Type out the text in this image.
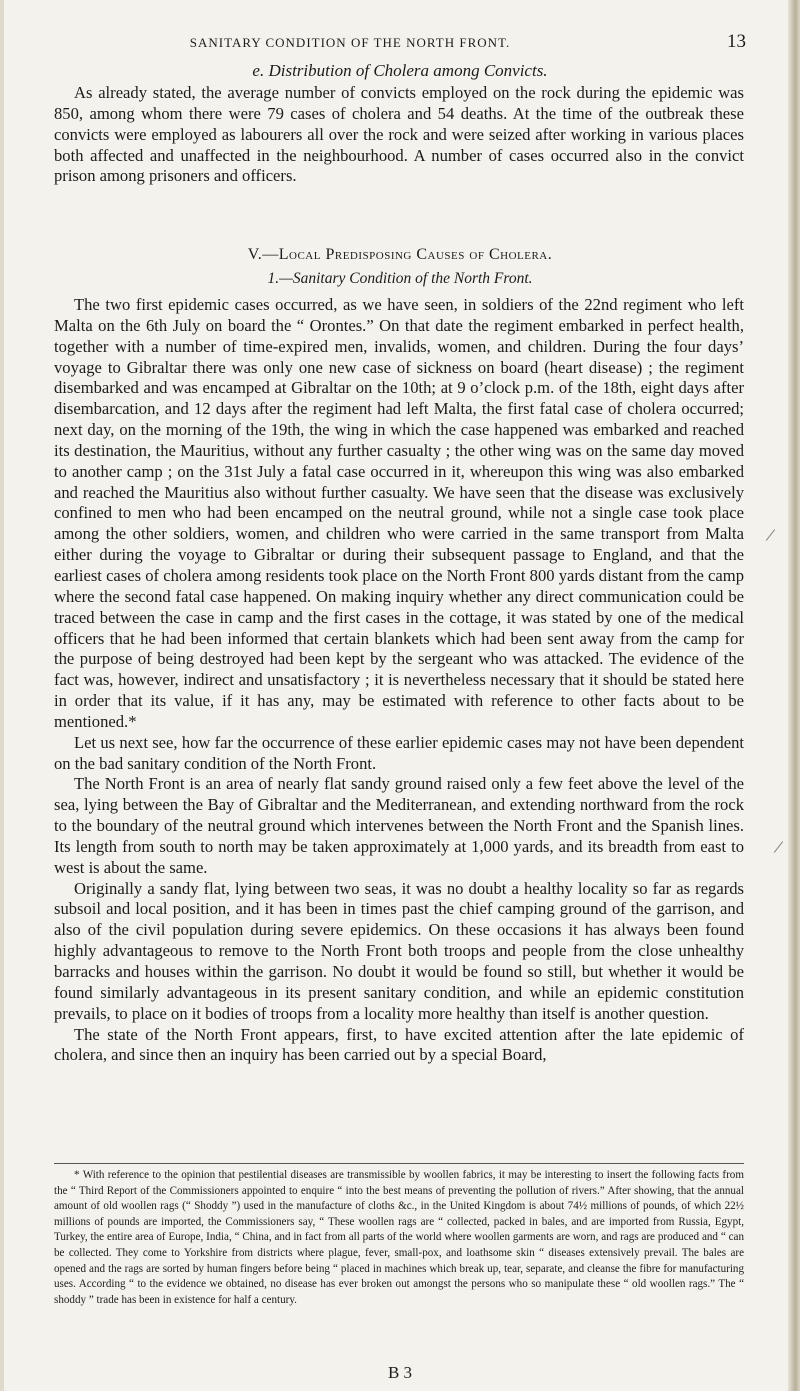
SANITARY CONDITION OF THE NORTH FRONT.	13
e. Distribution of Cholera among Convicts.

As already stated, the average number of convicts employed on the rock during the epidemic was 850, among whom there were 79 cases of cholera and 54 deaths. At the time of the outbreak these convicts were employed as labourers all over the rock and were seized after working in various places both affected and unaffected in the neighbourhood. A number of cases occurred also in the convict prison among prisoners and officers.

V.—Local Predisposing Causes of Cholera.
1.—Sanitary Condition of the North Front.

The two first epidemic cases occurred, as we have seen, in soldiers of the 22nd regiment who left Malta on the 6th July on board the “ Orontes.” On that date the regiment embarked in perfect health, together with a number of time-expired men, invalids, women, and children. During the four days’ voyage to Gibraltar there was only one new case of sickness on board (heart disease) ; the regiment disembarked and was encamped at Gibraltar on the 10th; at 9 o’clock p.m. of the 18th, eight days after disembarcation, and 12 days after the regiment had left Malta, the first fatal case of cholera occurred; next day, on the morning of the 19th, the wing in which the case happened was embarked and reached its destination, the Mauritius, without any further casualty ; the other wing was on the same day moved to another camp ; on the 31st July a fatal case occurred in it, whereupon this wing was also embarked and reached the Mauritius also without further casualty. We have seen that the disease was exclusively confined to men who had been encamped on the neutral ground, while not a single case took place among the other soldiers, women, and children who were carried in the same transport from Malta either during the voyage to Gibraltar or during their subsequent passage to England, and that the earliest cases of cholera among residents took place on the North Front 800 yards distant from the camp where the second fatal case happened. On making inquiry whether any direct communication could be traced between the case in camp and the first cases in the cottage, it was stated by one of the medical officers that he had been informed that certain blankets which had been sent away from the camp for the purpose of being destroyed had been kept by the sergeant who was attacked. The evidence of the fact was, however, indirect and unsatisfactory ; it is nevertheless necessary that it should be stated here in order that its value, if it has any, may be estimated with reference to other facts about to be mentioned.*

Let us next see, how far the occurrence of these earlier epidemic cases may not have been dependent on the bad sanitary condition of the North Front.

The North Front is an area of nearly flat sandy ground raised only a few feet above the level of the sea, lying between the Bay of Gibraltar and the Mediterranean, and extending northward from the rock to the boundary of the neutral ground which intervenes between the North Front and the Spanish lines. Its length from south to north may be taken approximately at 1,000 yards, and its breadth from east to west is about the same.

Originally a sandy flat, lying between two seas, it was no doubt a healthy locality so far as regards subsoil and local position, and it has been in times past the chief camping ground of the garrison, and also of the civil population during severe epidemics. On these occasions it has always been found highly advantageous to remove to the North Front both troops and people from the close unhealthy barracks and houses within the garrison. No doubt it would be found so still, but whether it would be found similarly advantageous in its present sanitary condition, and while an epidemic constitution prevails, to place on it bodies of troops from a locality more healthy than itself is another question.

The state of the North Front appears, first, to have excited attention after the late epidemic of cholera, and since then an inquiry has been carried out by a special Board,

* With reference to the opinion that pestilential diseases are transmissible by woollen fabrics, it may be interesting to insert the following facts from the “ Third Report of the Commissioners appointed to enquire “ into the best means of preventing the pollution of rivers.” After showing, that the annual amount of old woollen rags (“ Shoddy ”) used in the manufacture of cloths &c., in the United Kingdom is about 74½ millions of pounds, of which 22½ millions of pounds are imported, the Commissioners say, “ These woollen rags are “ collected, packed in bales, and are imported from Russia, Egypt, Turkey, the entire area of Europe, India, “ China, and in fact from all parts of the world where woollen garments are worn, and rags are produced and “ can be collected. They come to Yorkshire from districts where plague, fever, small-pox, and loathsome skin “ diseases extensively prevail. The bales are opened and the rags are sorted by human fingers before being “ placed in machines which break up, tear, separate, and cleanse the fibre for manufacturing uses. According “ to the evidence we obtained, no disease has ever broken out amongst the persons who so manipulate these “ old woollen rags.” The “ shoddy ” trade has been in existence for half a century.

B 3
